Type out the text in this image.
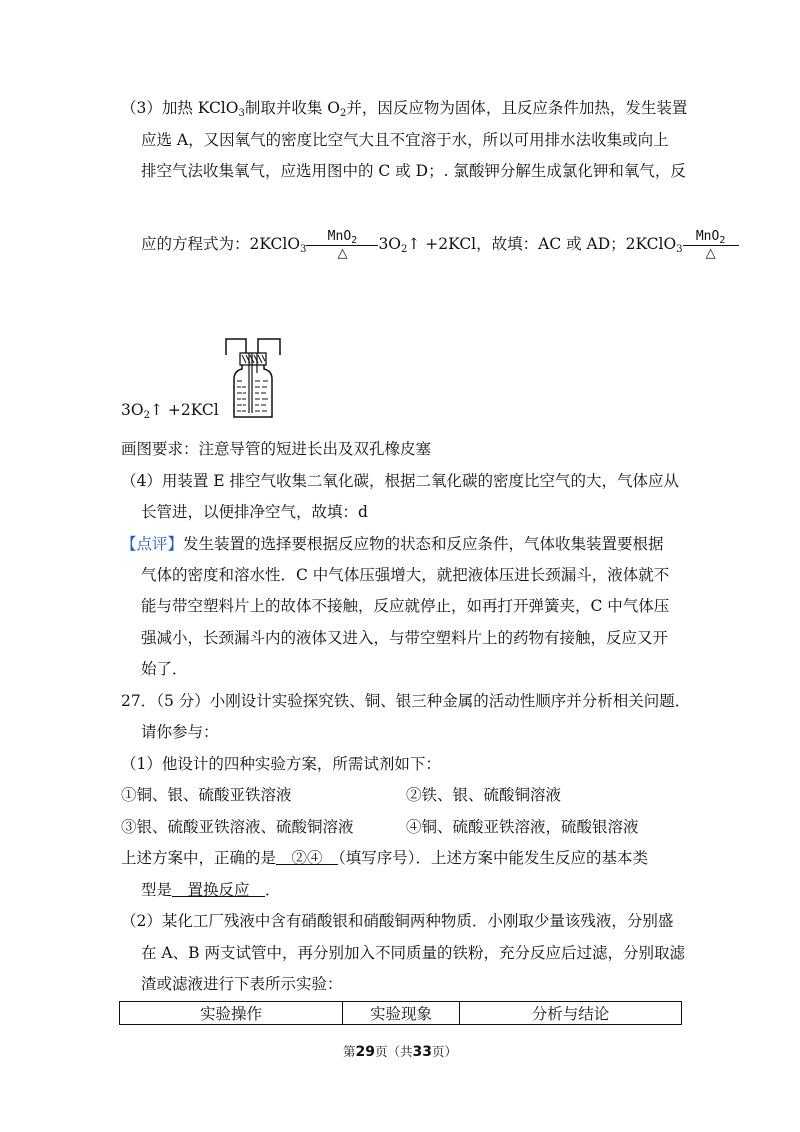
（3）加热 KClO$_3$制取并收集 $O_2$并，因反应物为固体，且反应条件加热，发生装置
应选 A，又因氧气的密度比空气大且不宜溶于水，所以可用排水法收集或向上
排空气法收集氧气，应选用图中的 C 或 D；. 氯酸钾分解生成氯化钾和氧气，反
应的方程式为：2KClO$_3$ $\frac{MnO_2}{\triangle}$ $3O_2↑ +2KCl$，故填：AC 或 AD；2KClO$_3$ $\frac{MnO_2}{\triangle}$
$3O_2↑ +2KCl$
画图要求：注意导管的短进长出及双孔橡皮塞
（4）用装置 E 排空气收集二氧化碳，根据二氧化碳的密度比空气的大，气体应从
长管进，以便排净空气，故填：d
【点评】发生装置的选择要根据反应物的状态和反应条件，气体收集装置要根据
气体的密度和溶水性．C 中气体压强增大，就把液体压进长颈漏斗，液体就不
能与带空塑料片上的故体不接触，反应就停止，如再打开弹簧夹，C 中气体压
强减小，长颈漏斗内的液体又进入，与带空塑料片上的药物有接触，反应又开
始了．
27．（5 分）小刚设计实验探究铁、铜、银三种金属的活动性顺序并分析相关问题．
请你参与：
（1）他设计的四种实验方案，所需试剂如下：
①铜、银、硫酸亚铁溶液	②铁、银、硫酸铜溶液
③银、硫酸亚铁溶液、硫酸铜溶液	④铜、硫酸亚铁溶液，硫酸银溶液
上述方案中，正确的是　②④　（填写序号）．上述方案中能发生反应的基本类
型是　置换反应　．
（2）某化工厂残液中含有硝酸银和硝酸铜两种物质．小刚取少量该残液，分别盛
在 A、B 两支试管中，再分别加入不同质量的铁粉，充分反应后过滤，分别取滤
渣或滤液进行下表所示实验：
实验操作	实验现象	分析与结论
第29页（共33页）
